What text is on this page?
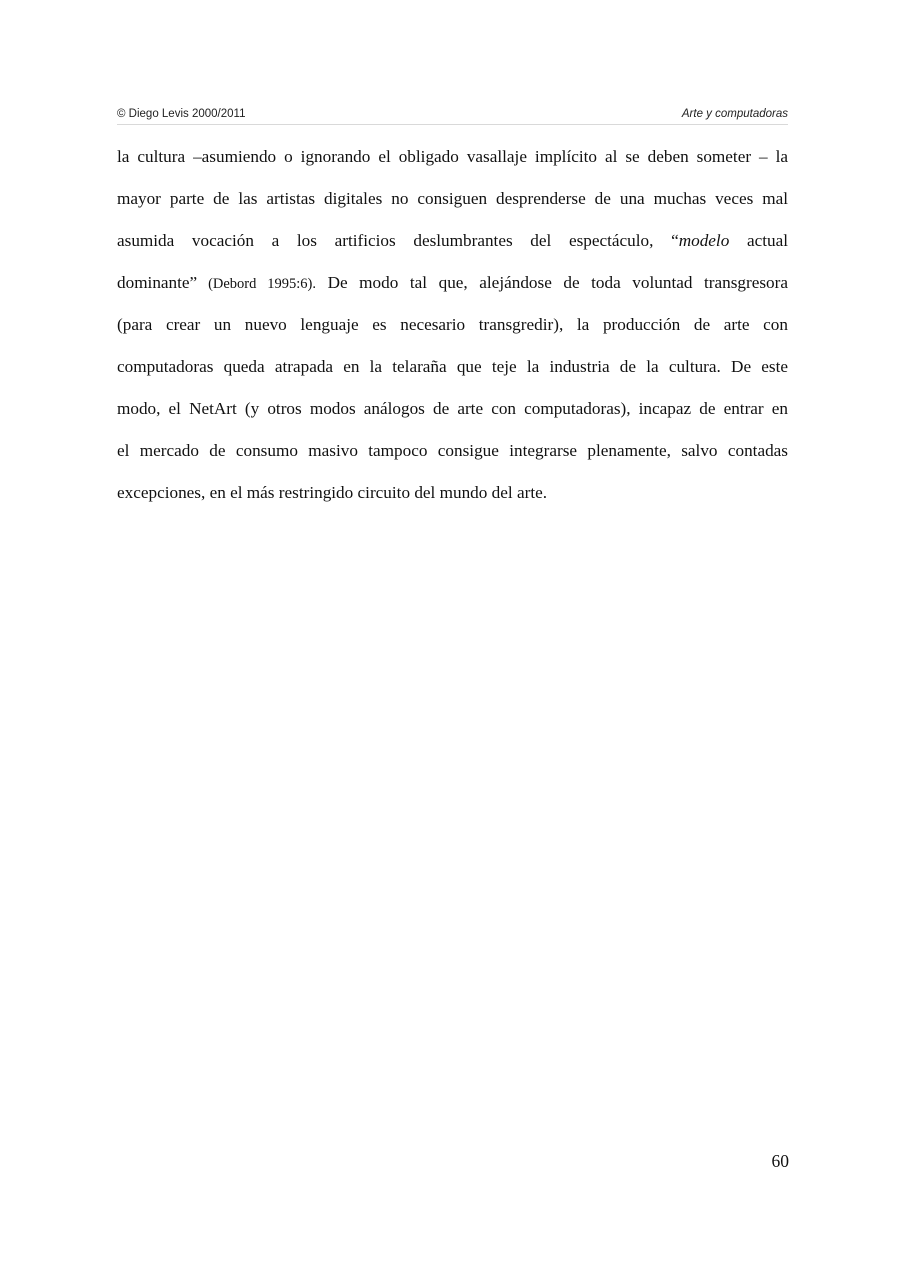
© Diego Levis 2000/2011	Arte y computadoras
la cultura –asumiendo o ignorando el obligado vasallaje implícito al se deben someter – la
mayor parte de las artistas digitales no consiguen desprenderse de una muchas veces mal
asumida vocación a los artificios deslumbrantes del espectáculo, “modelo actual
dominante” (Debord 1995:6). De modo tal que, alejándose de toda voluntad transgresora
(para crear un nuevo lenguaje es necesario transgredir), la producción de arte con
computadoras queda atrapada en la telaraña que teje la industria de la cultura. De este
modo, el NetArt (y otros modos análogos de arte con computadoras), incapaz de entrar en
el mercado de consumo masivo tampoco consigue integrarse plenamente, salvo contadas
excepciones, en el más restringido circuito del mundo del arte.
60
